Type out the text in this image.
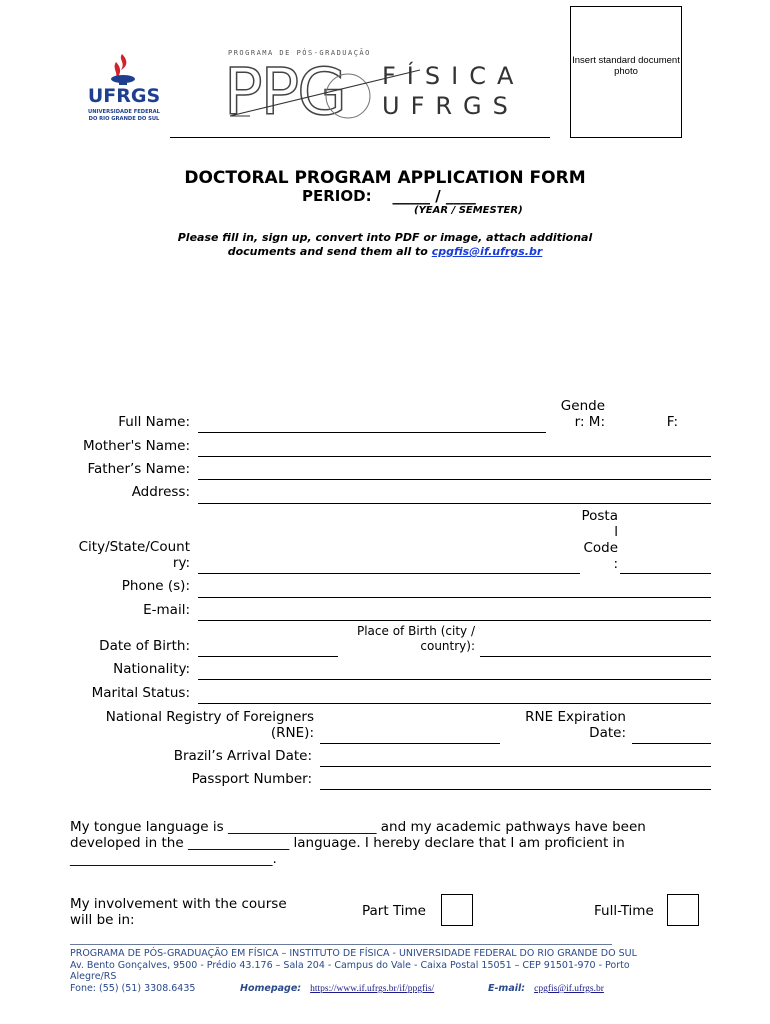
UFRGS
UNIVERSIDADE FEDERAL
DO RIO GRANDE DO SUL
PROGRAMA DE PÓS-GRADUAÇÃO
PPG FÍSICA
UFRGS
Insert standard document photo
DOCTORAL PROGRAM APPLICATION FORM
PERIOD: _____ / ____
(YEAR / SEMESTER)
Please fill in, sign up, convert into PDF or image, attach additional
documents and send them all to cpgfis@if.ufrgs.br
Full Name:
Gende
r: M:	F:
Mother's Name:
Father’s Name:
Address:
City/State/Count
ry:
Posta
l
Code
:
Phone (s):
E-mail:
Date of Birth:
Place of Birth (city /
country):
Nationality:
Marital Status:
National Registry of Foreigners
(RNE):
RNE Expiration
Date:
Brazil’s Arrival Date:
Passport Number:
My tongue language is ______________________ and my academic pathways have been
developed in the _______________ language. I hereby declare that I am proficient in
______________________________.
My involvement with the course
will be in:
Part Time	Full-Time
PROGRAMA DE PÓS-GRADUAÇÃO EM FÍSICA – INSTITUTO DE FÍSICA - UNIVERSIDADE FEDERAL DO RIO GRANDE DO SUL
Av. Bento Gonçalves, 9500 - Prédio 43.176 – Sala 204 - Campus do Vale - Caixa Postal 15051 – CEP 91501-970 - Porto
Alegre/RS
Fone: (55) (51) 3308.6435	Homepage: https://www.if.ufrgs.br/if/ppgfis/	E-mail: cpgfis@if.ufrgs.br
